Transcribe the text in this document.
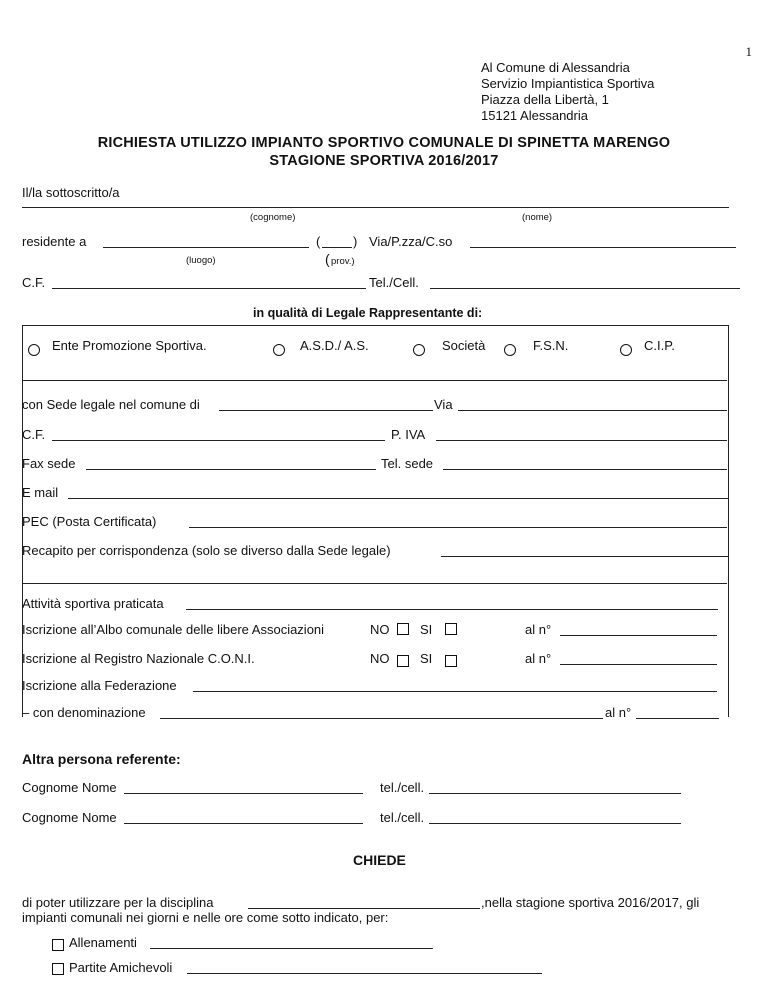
1
Al Comune di Alessandria
Servizio Impiantistica Sportiva
Piazza della Libertà, 1
15121 Alessandria
RICHIESTA UTILIZZO IMPIANTO SPORTIVO COMUNALE DI SPINETTA MARENGO
STAGIONE SPORTIVA 2016/2017
Il/la sottoscritto/a
(cognome)	(nome)
residente a	(	) Via/P.zza/C.so
(luogo)	( prov.)
C.F.	Tel./Cell.
in qualità di Legale Rappresentante di:
Ente Promozione Sportiva.	A.S.D./ A.S.	Società	F.S.N.	C.I.P.
con Sede legale nel comune di	Via
C.F.	P. IVA
Fax sede	Tel. sede
E mail
PEC (Posta Certificata)
Recapito per corrispondenza (solo se diverso dalla Sede legale)
Attività sportiva praticata
Iscrizione all’Albo comunale delle libere Associazioni	NO SI	al n°
Iscrizione al Registro Nazionale C.O.N.I.	NO SI	al n°
Iscrizione alla Federazione
– con denominazione	al n°
Altra persona referente:
Cognome Nome	tel./cell.
Cognome Nome	tel./cell.
CHIEDE
di poter utilizzare per la disciplina	,nella stagione sportiva 2016/2017, gli
impianti comunali nei giorni e nelle ore come sotto indicato, per:
Allenamenti
Partite Amichevoli
